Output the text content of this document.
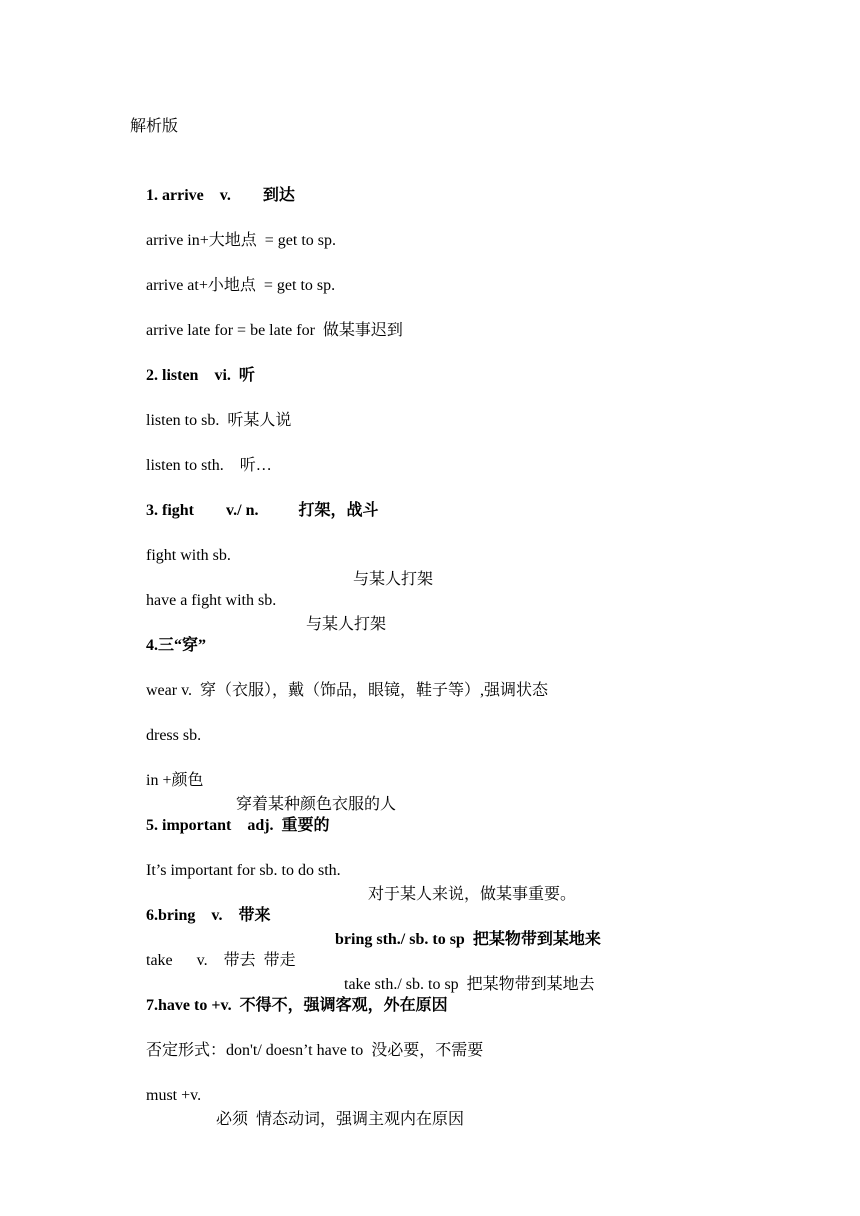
解析版

1. arrive    v.        到达

arrive in+大地点  = get to sp.

arrive at+小地点  = get to sp.

arrive late for = be late for  做某事迟到

2. listen    vi.  听

listen to sb.  听某人说

listen to sth.    听…

3. fight        v./ n.          打架，战斗

fight with sb.

与某人打架

have a fight with sb.

与某人打架

4.三“穿”

wear v.  穿（衣服），戴（饰品，眼镜，鞋子等）,强调状态

dress sb.

in +颜色

穿着某种颜色衣服的人

5. important    adj.  重要的

It’s important for sb. to do sth.

对于某人来说，做某事重要。

6.bring    v.    带来

bring sth./ sb. to sp  把某物带到某地来

take      v.    带去  带走

take sth./ sb. to sp  把某物带到某地去

7.have to +v.  不得不，强调客观，外在原因

否定形式：don't/ doesn’t have to  没必要，不需要

must +v.

必须  情态动词，强调主观内在原因
